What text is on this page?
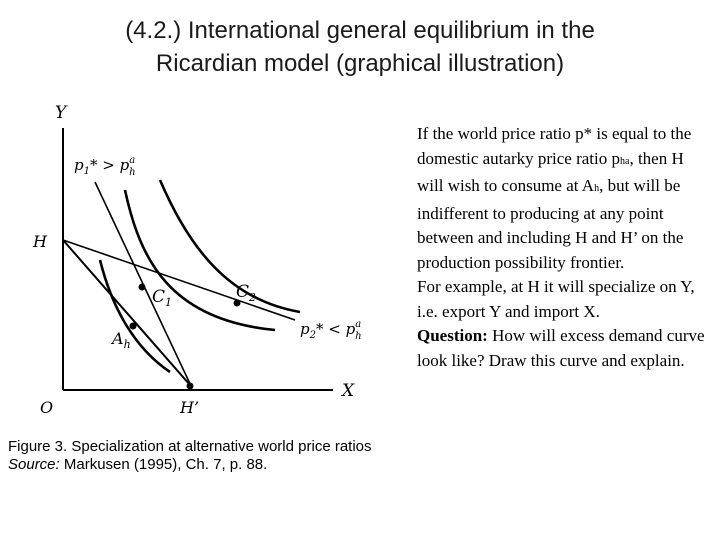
(4.2.) International general equilibrium in the
Ricardian model (graphical illustration)
Y
X
O
H
H’
$C_1$
$C_2$
$A_h$
$p_1* > p^a$ h
$p_2* < p^a$ h
Figure 3. Specialization at alternative world price ratios
Source: Markusen (1995), Ch. 7, p. 88.

If the world price ratio p* is equal to the domestic autarky price ratio pha, then H will wish to consume at Ah, but will be indifferent to producing at any point between and including H and H’ on the production possibility frontier.

For example, at H it will specialize on Y, i.e. export Y and import X.

Question: How will excess demand curve look like? Draw this curve and explain.
